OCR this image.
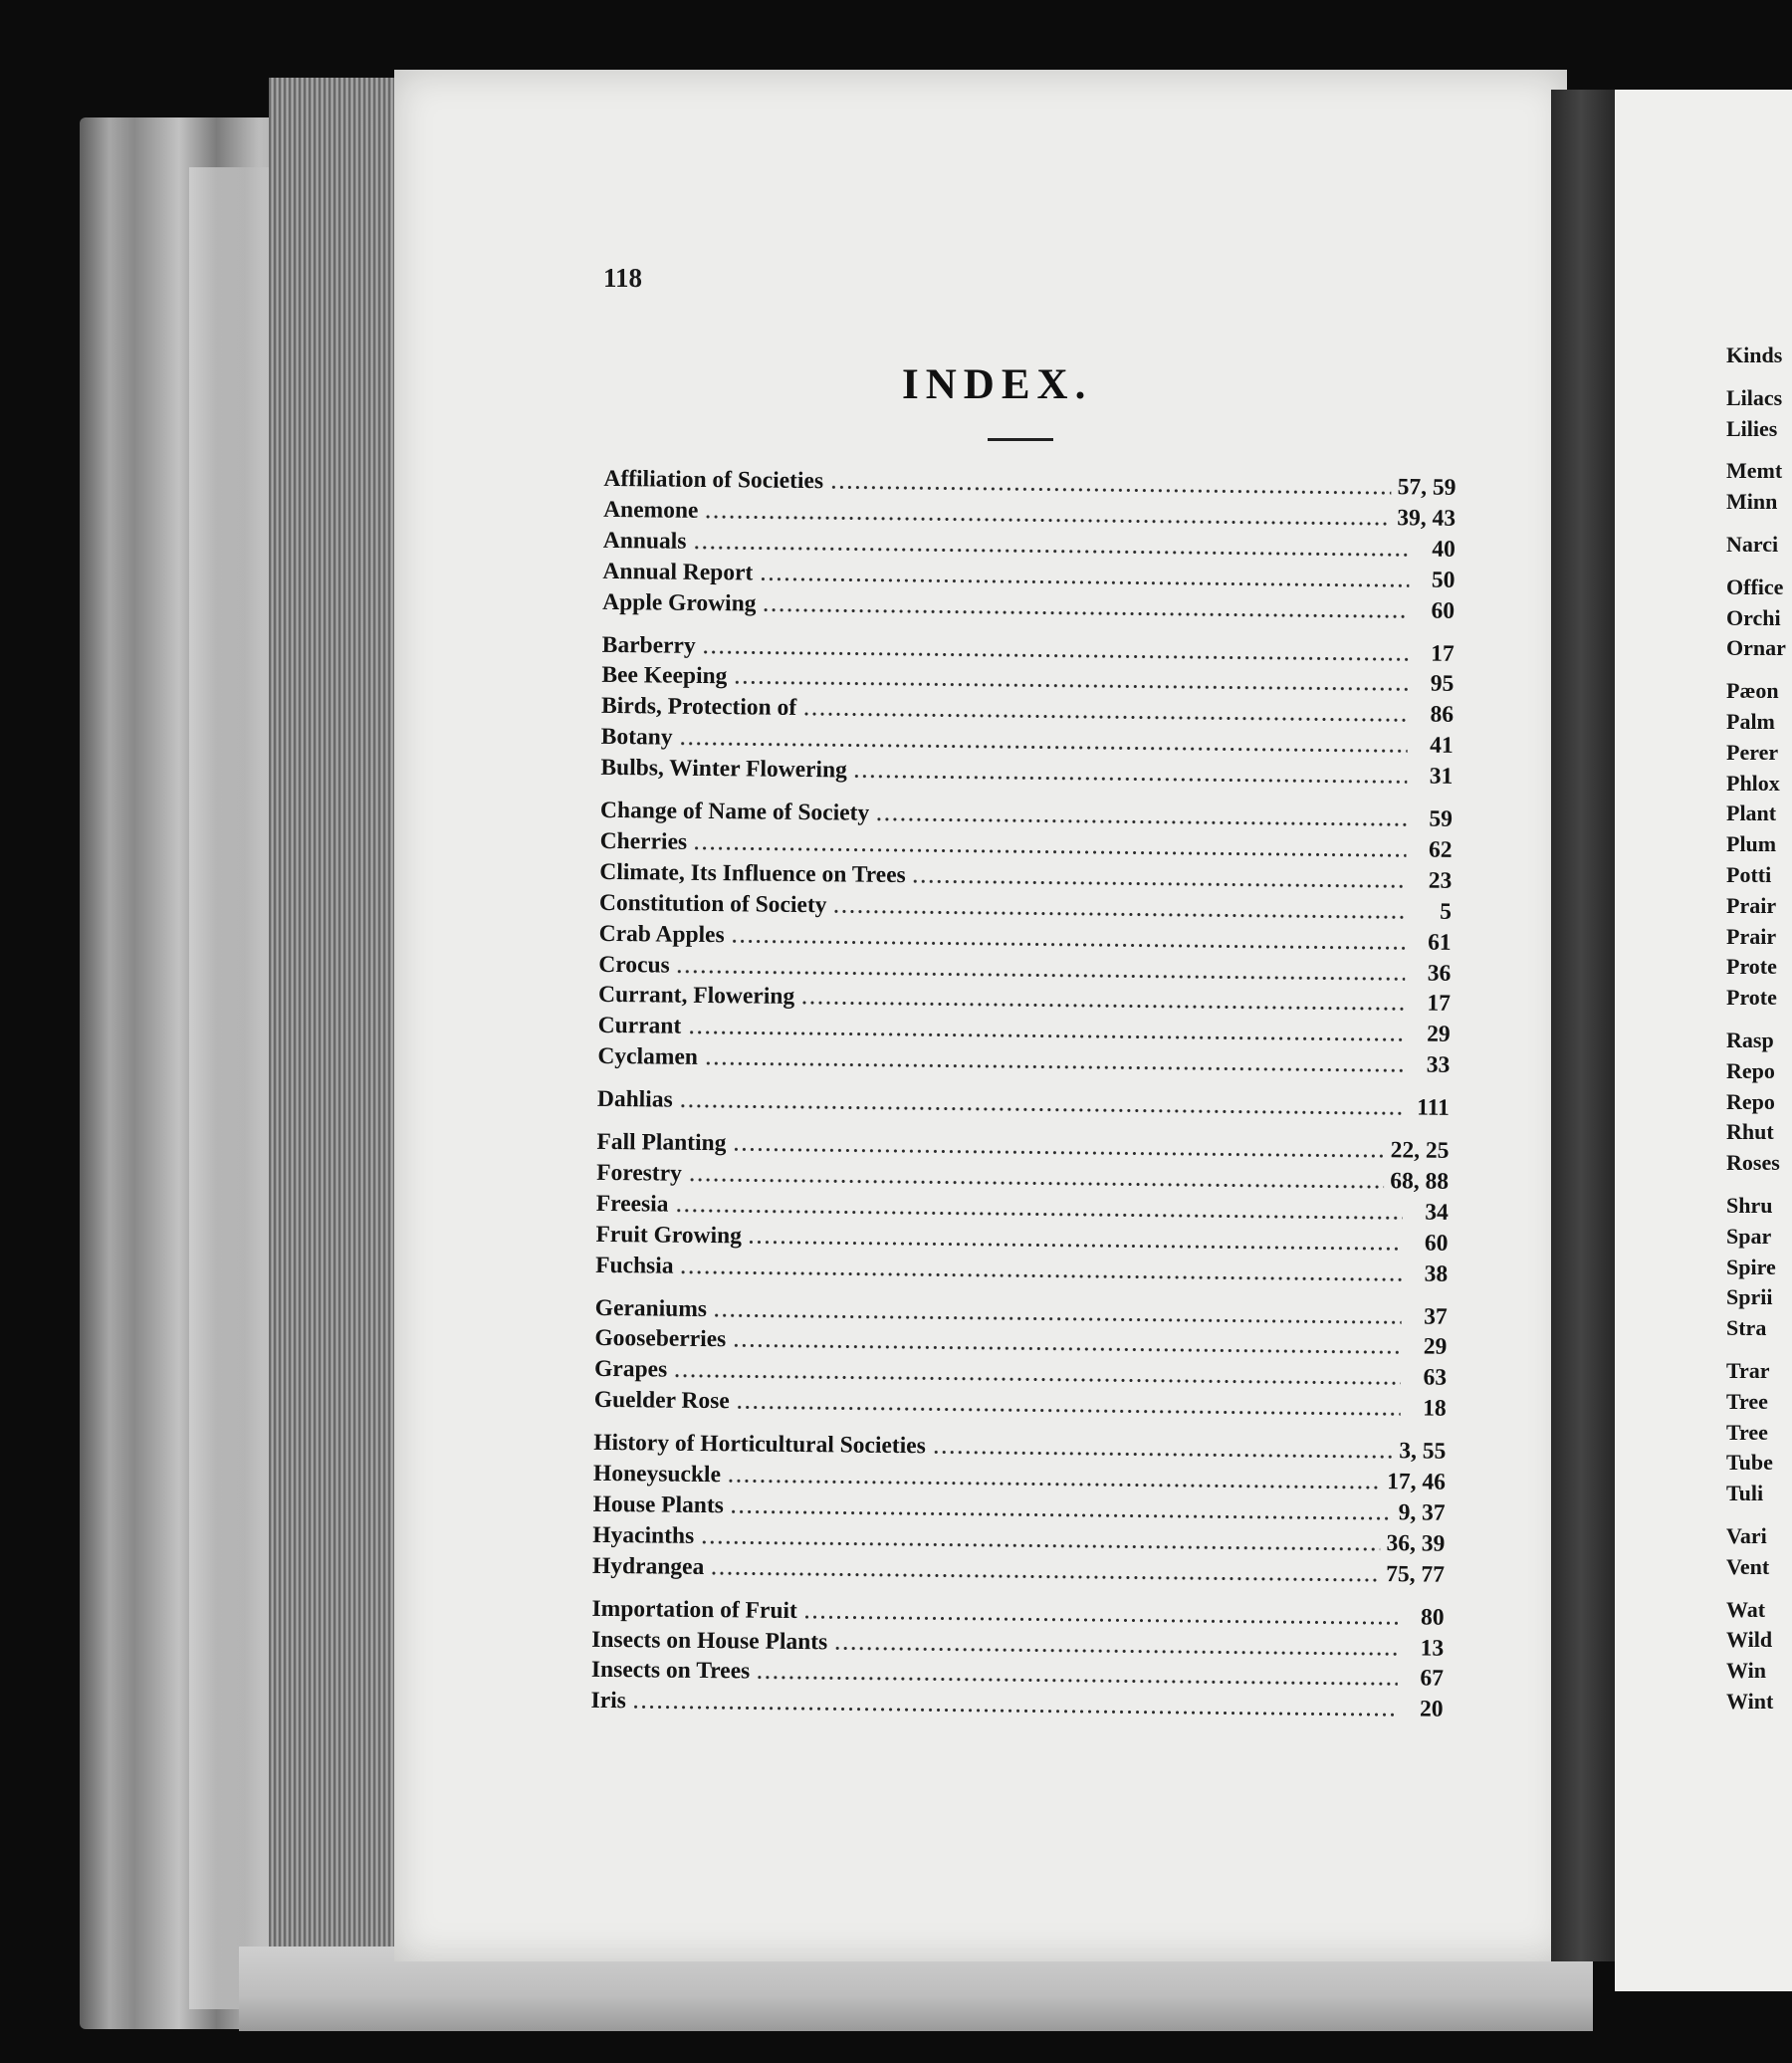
118
INDEX.
Affiliation of Societies	57, 59
Anemone	39, 43
Annuals	40
Annual Report	50
Apple Growing	60
Barberry	17
Bee Keeping	95
Birds, Protection of	86
Botany	41
Bulbs, Winter Flowering	31
Change of Name of Society	59
Cherries	62
Climate, Its Influence on Trees	23
Constitution of Society	5
Crab Apples	61
Crocus	36
Currant, Flowering	17
Currant	29
Cyclamen	33
Dahlias	111
Fall Planting	22, 25
Forestry	68, 88
Freesia	34
Fruit Growing	60
Fuchsia	38
Geraniums	37
Gooseberries	29
Grapes	63
Guelder Rose	18
History of Horticultural Societies	3, 55
Honeysuckle	17, 46
House Plants	9, 37
Hyacinths	36, 39
Hydrangea	75, 77
Importation of Fruit	80
Insects on House Plants	13
Insects on Trees	67
Iris	20
Kinds
Lilacs
Lilies
Memt
Minn
Narci
Office
Orchi
Ornar
Pæon
Palm
Perer
Phlox
Plant
Plum
Potti
Prair
Prair
Prote
Prote
Rasp
Repo
Repo
Rhut
Roses
Shru
Spar
Spire
Sprii
Stra
Trar
Tree
Tree
Tube
Tuli
Vari
Vent
Wat
Wild
Win
Wint
